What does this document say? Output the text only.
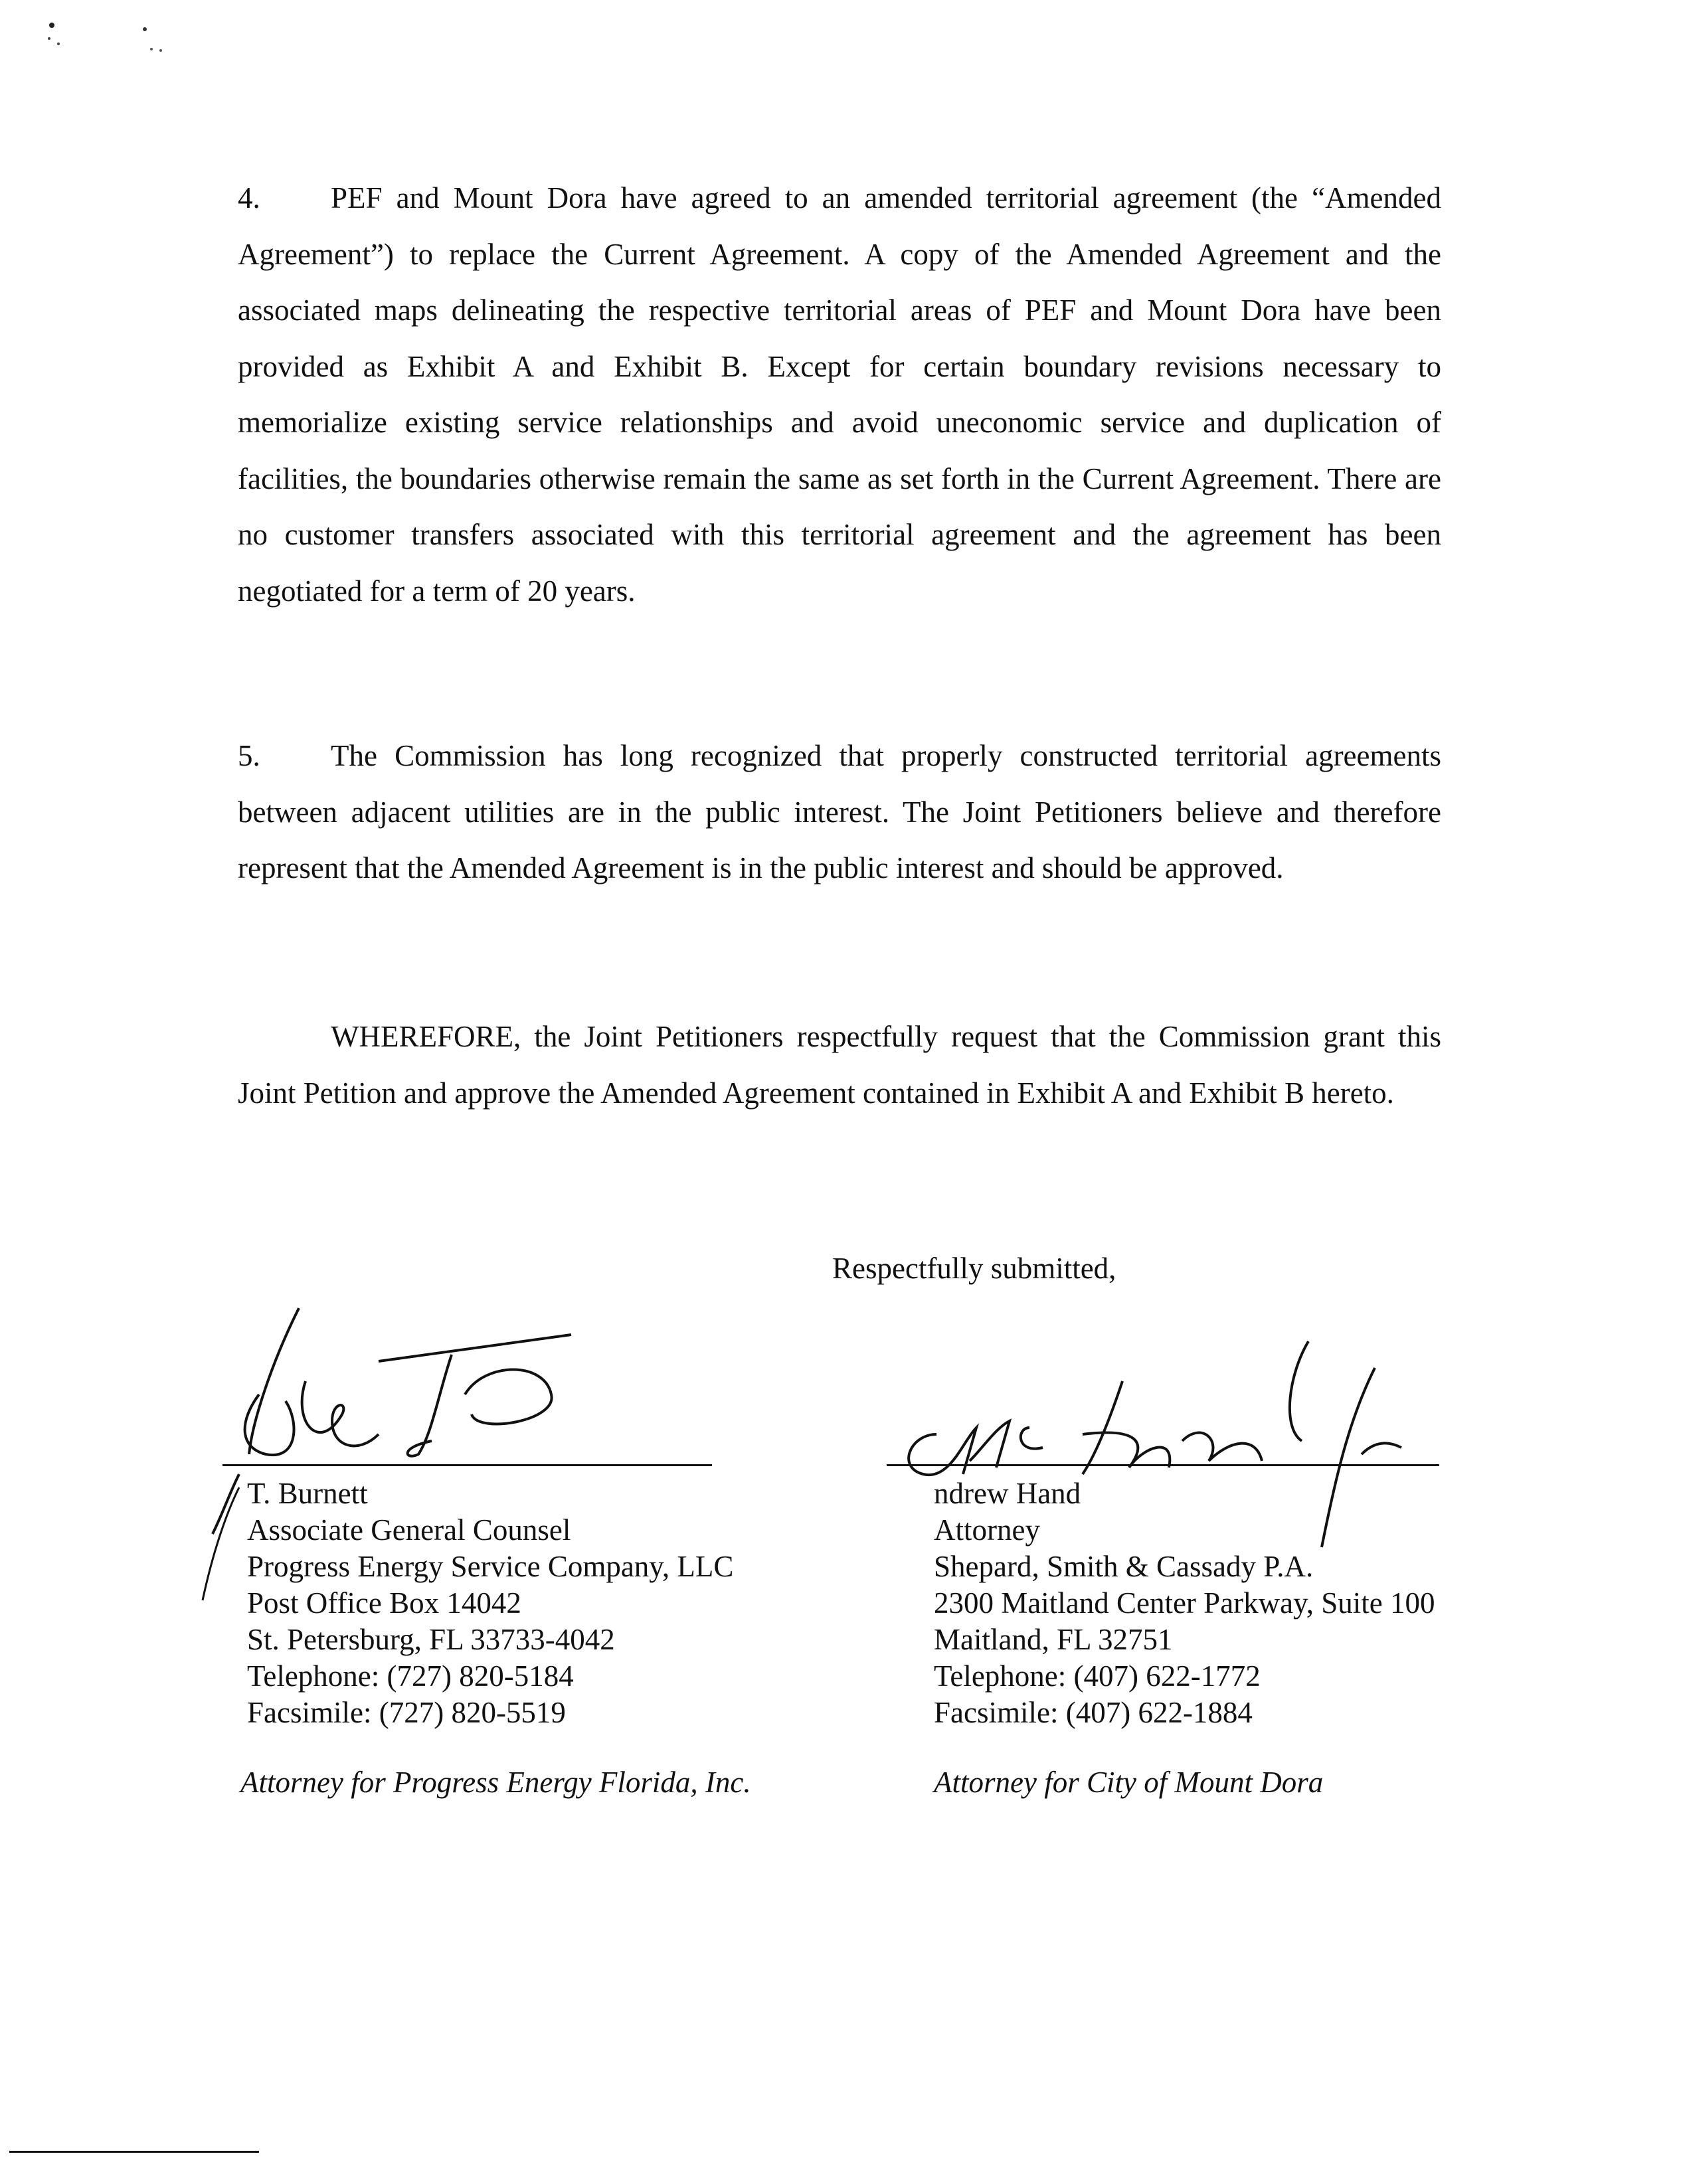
4. PEF and Mount Dora have agreed to an amended territorial agreement (the “Amended Agreement”) to replace the Current Agreement. A copy of the Amended Agreement and the associated maps delineating the respective territorial areas of PEF and Mount Dora have been provided as Exhibit A and Exhibit B. Except for certain boundary revisions necessary to memorialize existing service relationships and avoid uneconomic service and duplication of facilities, the boundaries otherwise remain the same as set forth in the Current Agreement. There are no customer transfers associated with this territorial agreement and the agreement has been negotiated for a term of 20 years.
5. The Commission has long recognized that properly constructed territorial agreements between adjacent utilities are in the public interest. The Joint Petitioners believe and therefore represent that the Amended Agreement is in the public interest and should be approved.
WHEREFORE, the Joint Petitioners respectfully request that the Commission grant this Joint Petition and approve the Amended Agreement contained in Exhibit A and Exhibit B hereto.
Respectfully submitted,
T. Burnett
Associate General Counsel
Progress Energy Service Company, LLC
Post Office Box 14042
St. Petersburg, FL 33733-4042
Telephone: (727) 820-5184
Facsimile: (727) 820-5519
Attorney for Progress Energy Florida, Inc.
ndrew Hand
Attorney
Shepard, Smith & Cassady P.A.
2300 Maitland Center Parkway, Suite 100
Maitland, FL 32751
Telephone: (407) 622-1772
Facsimile: (407) 622-1884
Attorney for City of Mount Dora
